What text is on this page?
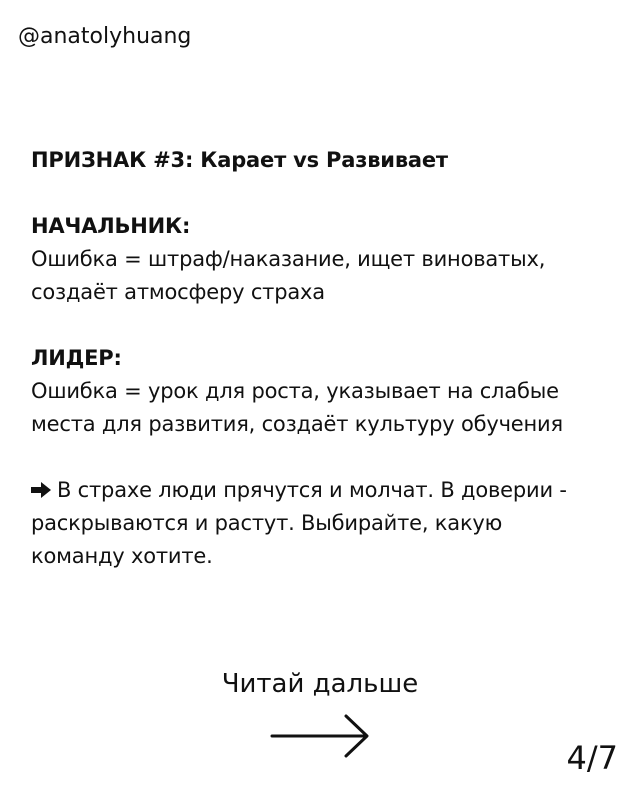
@anatolyhuang

ПРИЗНАК #3: Карает vs Развивает

НАЧАЛЬНИК:

Ошибка = штраф/наказание, ищет виноватых,

создаёт атмосферу страха

ЛИДЕР:

Ошибка = урок для роста, указывает на слабые

места для развития, создаёт культуру обучения

В страхе люди прячутся и молчат. В доверии -

раскрываются и растут. Выбирайте, какую

команду хотите.

Читай дальше
4/7
